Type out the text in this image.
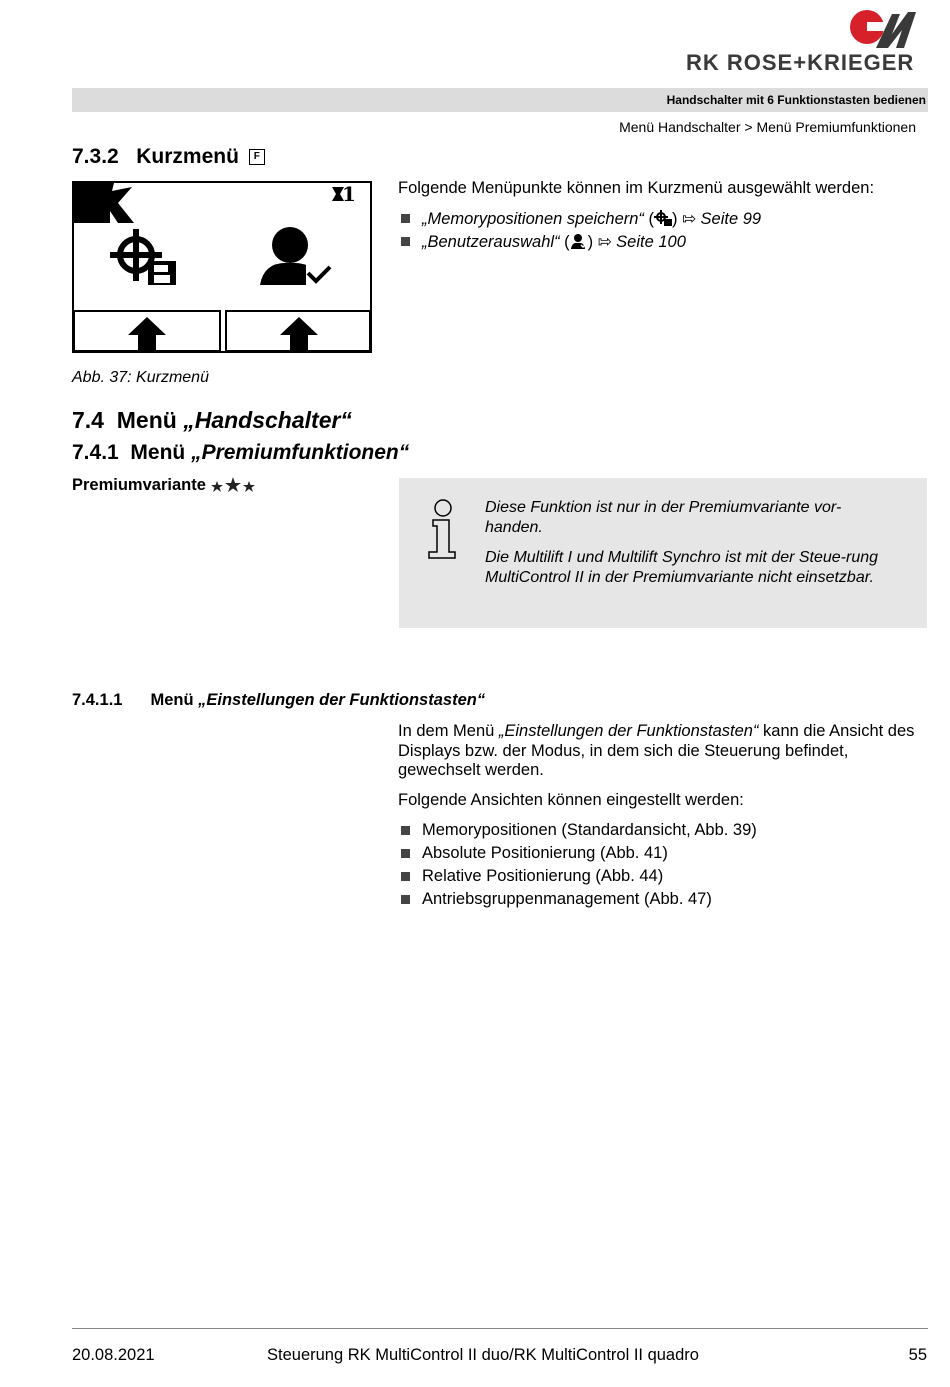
RK ROSE+KRIEGER
Handschalter mit 6 Funktionstasten bedienen
Menü Handschalter > Menü Premiumfunktionen
7.3.2 Kurzmenü F
1
Abb. 37: Kurzmenü
Folgende Menüpunkte können im Kurzmenü ausgewählt werden:
„Memorypositionen speichern“ ( ) ⇰ Seite 99
„Benutzerauswahl“ ( ) ⇰ Seite 100
7.4 Menü „Handschalter“
7.4.1 Menü „Premiumfunktionen“
Premiumvariante
Diese Funktion ist nur in der Premiumvariante vor-handen.
Die Multilift I und Multilift Synchro ist mit der Steue-rung MultiControl II in der Premiumvariante nicht einsetzbar.
7.4.1.1 Menü „Einstellungen der Funktionstasten“
In dem Menü „Einstellungen der Funktionstasten“ kann die Ansicht des Displays bzw. der Modus, in dem sich die Steuerung befindet, gewechselt werden.
Folgende Ansichten können eingestellt werden:
Memorypositionen (Standardansicht, Abb. 39)
Absolute Positionierung (Abb. 41)
Relative Positionierung (Abb. 44)
Antriebsgruppenmanagement (Abb. 47)
20.08.2021	Steuerung RK MultiControl II duo/RK MultiControl II quadro	55
